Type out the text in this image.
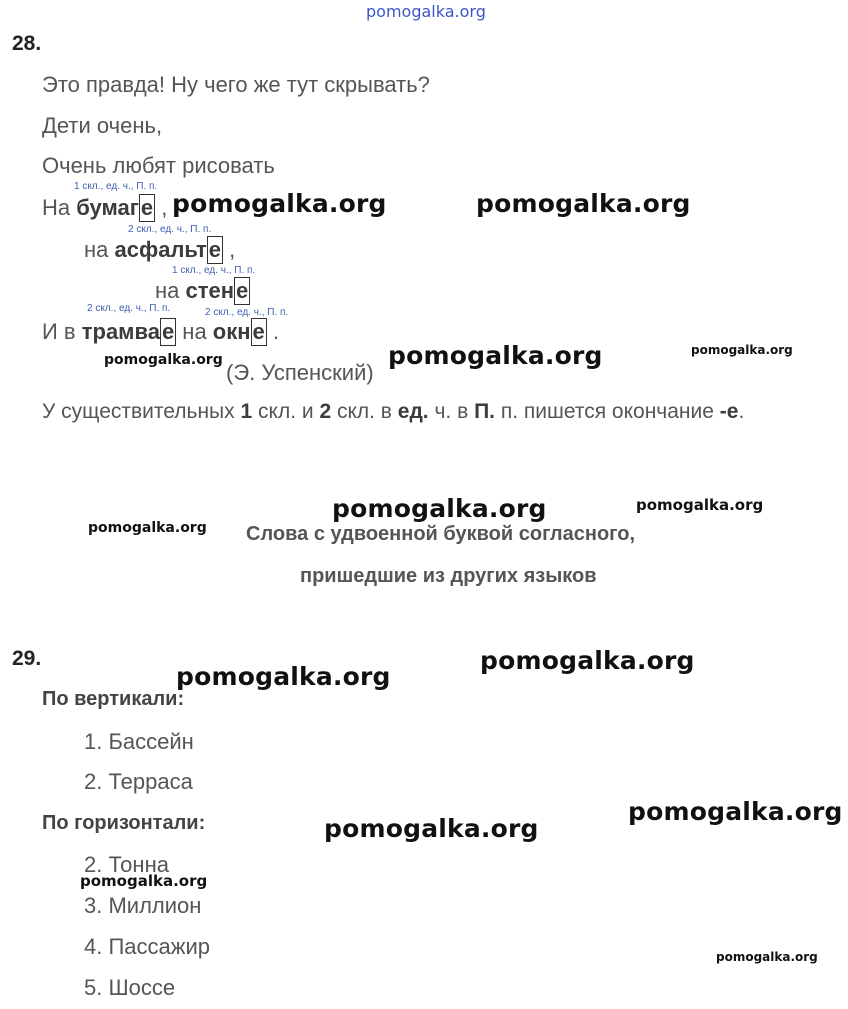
pomogalka.org
28.
Это правда! Ну чего же тут скрывать?
Дети очень,
Очень любят рисовать
1 скл., ед. ч., П. п.
На бумаге ,
2 скл., ед. ч., П. п.
на асфальте ,
1 скл., ед. ч., П. п.
на стене
2 скл., ед. ч., П. п.	2 скл., ед. ч., П. п.
И в трамвае на окне .
(Э. Успенский)
У существительных 1 скл. и 2 скл. в ед. ч. в П. п. пишется окончание -е.
Слова с удвоенной буквой согласного,
пришедшие из других языков
29.
По вертикали:
1. Бассейн
2. Терраса
По горизонтали:
2. Тонна
3. Миллион
4. Пассажир
5. Шоссе
pomogalka.org	pomogalka.org
pomogalka.org
pomogalka.org
pomogalka.org
pomogalka.org	pomogalka.org
pomogalka.org
pomogalka.org
pomogalka.org
pomogalka.org
pomogalka.org
pomogalka.org
pomogalka.org
